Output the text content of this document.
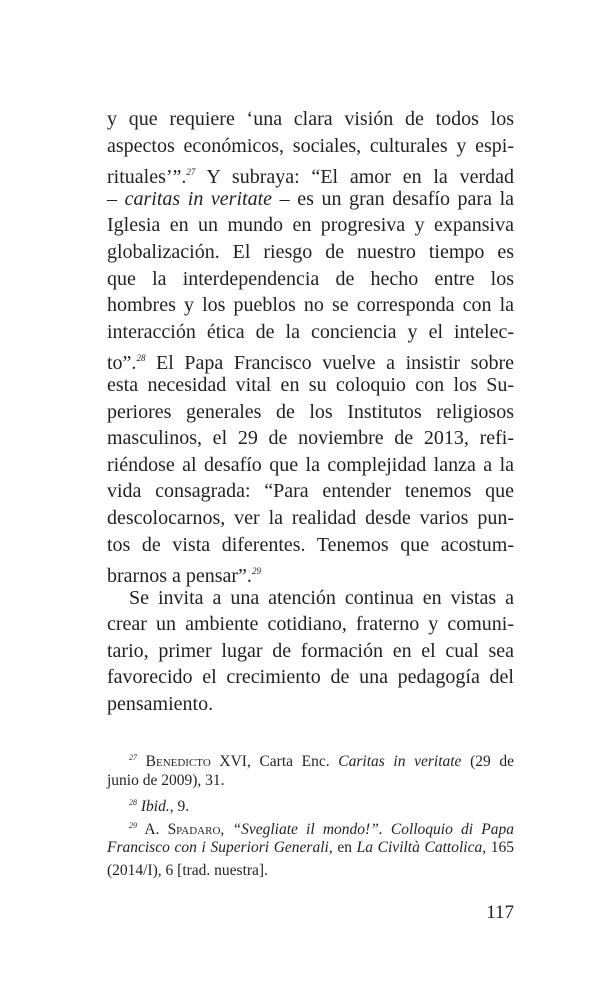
y que requiere ‘una clara visión de todos los
aspectos económicos, sociales, culturales y espi-
rituales’”.$^{27}$ Y subraya: “El amor en la verdad
– caritas in veritate – es un gran desafío para la
Iglesia en un mundo en progresiva y expansiva
globalización. El riesgo de nuestro tiempo es
que la interdependencia de hecho entre los
hombres y los pueblos no se corresponda con la
interacción ética de la conciencia y el intelec-
to”.$^{28}$ El Papa Francisco vuelve a insistir sobre
esta necesidad vital en su coloquio con los Su-
periores generales de los Institutos religiosos
masculinos, el 29 de noviembre de 2013, refi-
riéndose al desafío que la complejidad lanza a la
vida consagrada: “Para entender tenemos que
descolocarnos, ver la realidad desde varios pun-
tos de vista diferentes. Tenemos que acostum-
brarnos a pensar”.$^{29}$
Se invita a una atención continua en vistas a
crear un ambiente cotidiano, fraterno y comuni-
tario, primer lugar de formación en el cual sea
favorecido el crecimiento de una pedagogía del
pensamiento.
$^{27}$ Benedicto XVI, Carta Enc. Caritas in veritate (29 de
junio de 2009), 31.
$^{28}$ Ibid., 9.
$^{29}$ A. Spadaro, “Svegliate il mondo!”. Colloquio di Papa
Francisco con i Superiori Generali, en La Civiltà Cattolica, 165
(2014/I), 6 [trad. nuestra].
117
